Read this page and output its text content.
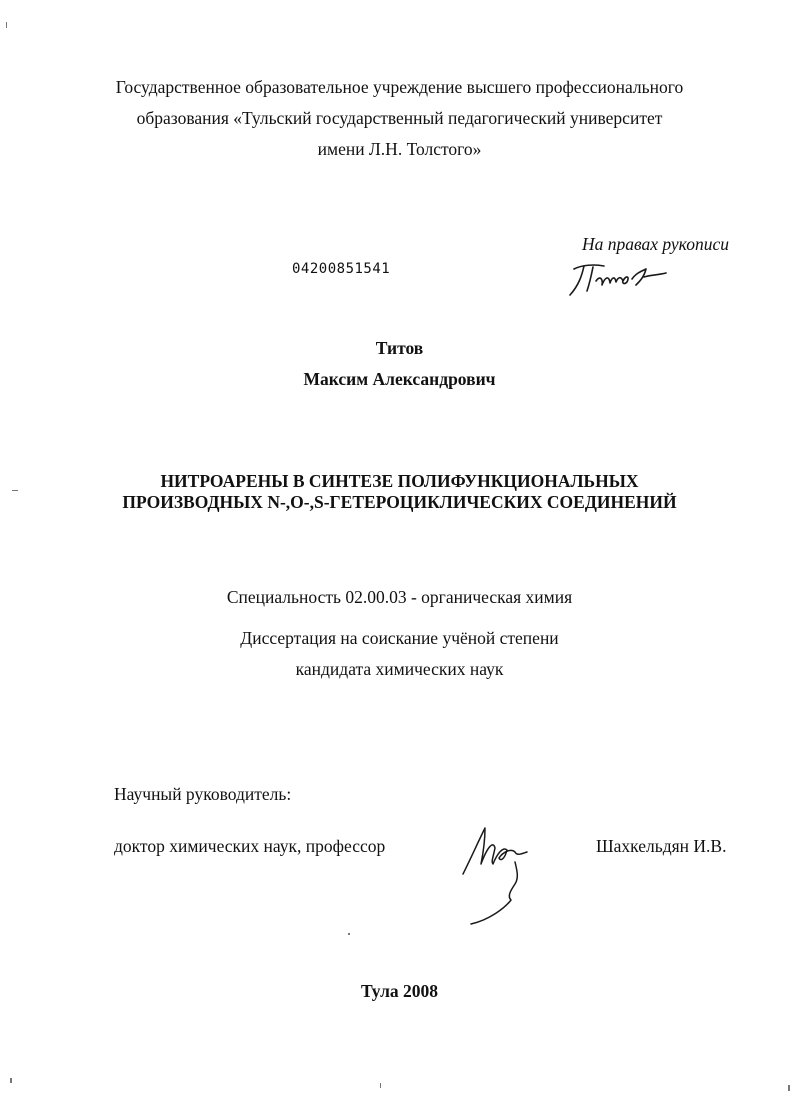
Государственное образовательное учреждение высшего профессионального
образования «Тульский государственный педагогический университет
имени Л.Н. Толстого»
На правах рукописи
04200851541
Титов
Максим Александрович
НИТРОАРЕНЫ В СИНТЕЗЕ ПОЛИФУНКЦИОНАЛЬНЫХ
ПРОИЗВОДНЫХ N-,O-,S-ГЕТЕРОЦИКЛИЧЕСКИХ СОЕДИНЕНИЙ
Специальность 02.00.03 - органическая химия
Диссертация на соискание учёной степени
кандидата химических наук
Научный руководитель:
доктор химических наук, профессор	Шахкельдян И.В.
Тула 2008
